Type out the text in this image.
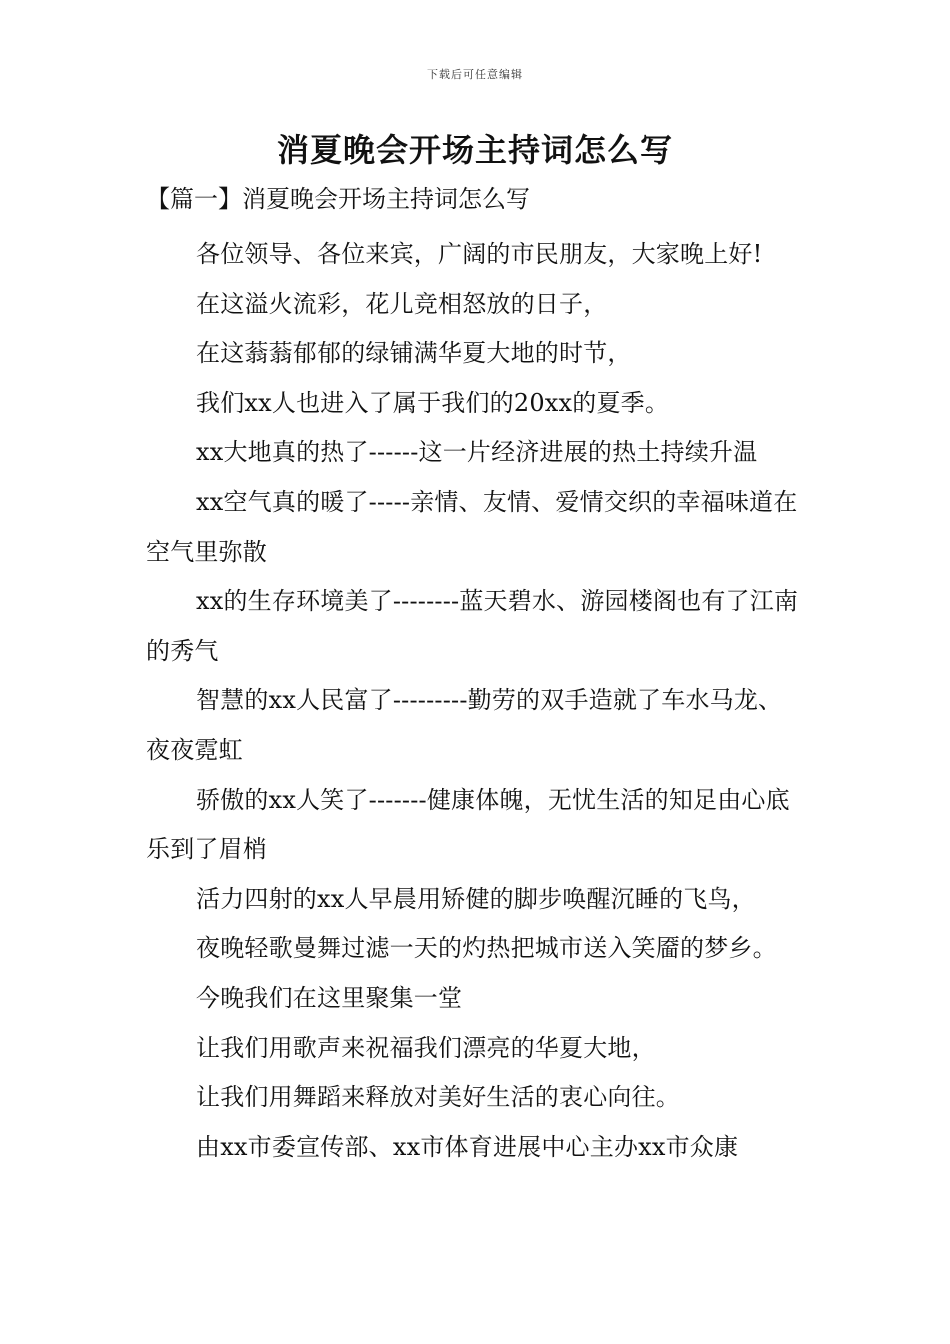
下载后可任意编辑
消夏晚会开场主持词怎么写
【篇一】消夏晚会开场主持词怎么写

各位领导、各位来宾，广阔的市民朋友，大家晚上好!

在这溢火流彩，花儿竞相怒放的日子，

在这蓊蓊郁郁的绿铺满华夏大地的时节，

我们xx人也进入了属于我们的20xx的夏季。

xx大地真的热了------这一片经济进展的热土持续升温

xx空气真的暖了-----亲情、友情、爱情交织的幸福味道在空气里弥散

xx的生存环境美了--------蓝天碧水、游园楼阁也有了江南的秀气

智慧的xx人民富了---------勤劳的双手造就了车水马龙、夜夜霓虹

骄傲的xx人笑了-------健康体魄，无忧生活的知足由心底乐到了眉梢

活力四射的xx人早晨用矫健的脚步唤醒沉睡的飞鸟，

夜晚轻歌曼舞过滤一天的灼热把城市送入笑靥的梦乡。

今晚我们在这里聚集一堂

让我们用歌声来祝福我们漂亮的华夏大地，

让我们用舞蹈来释放对美好生活的衷心向往。

由xx市委宣传部、xx市体育进展中心主办xx市众康
